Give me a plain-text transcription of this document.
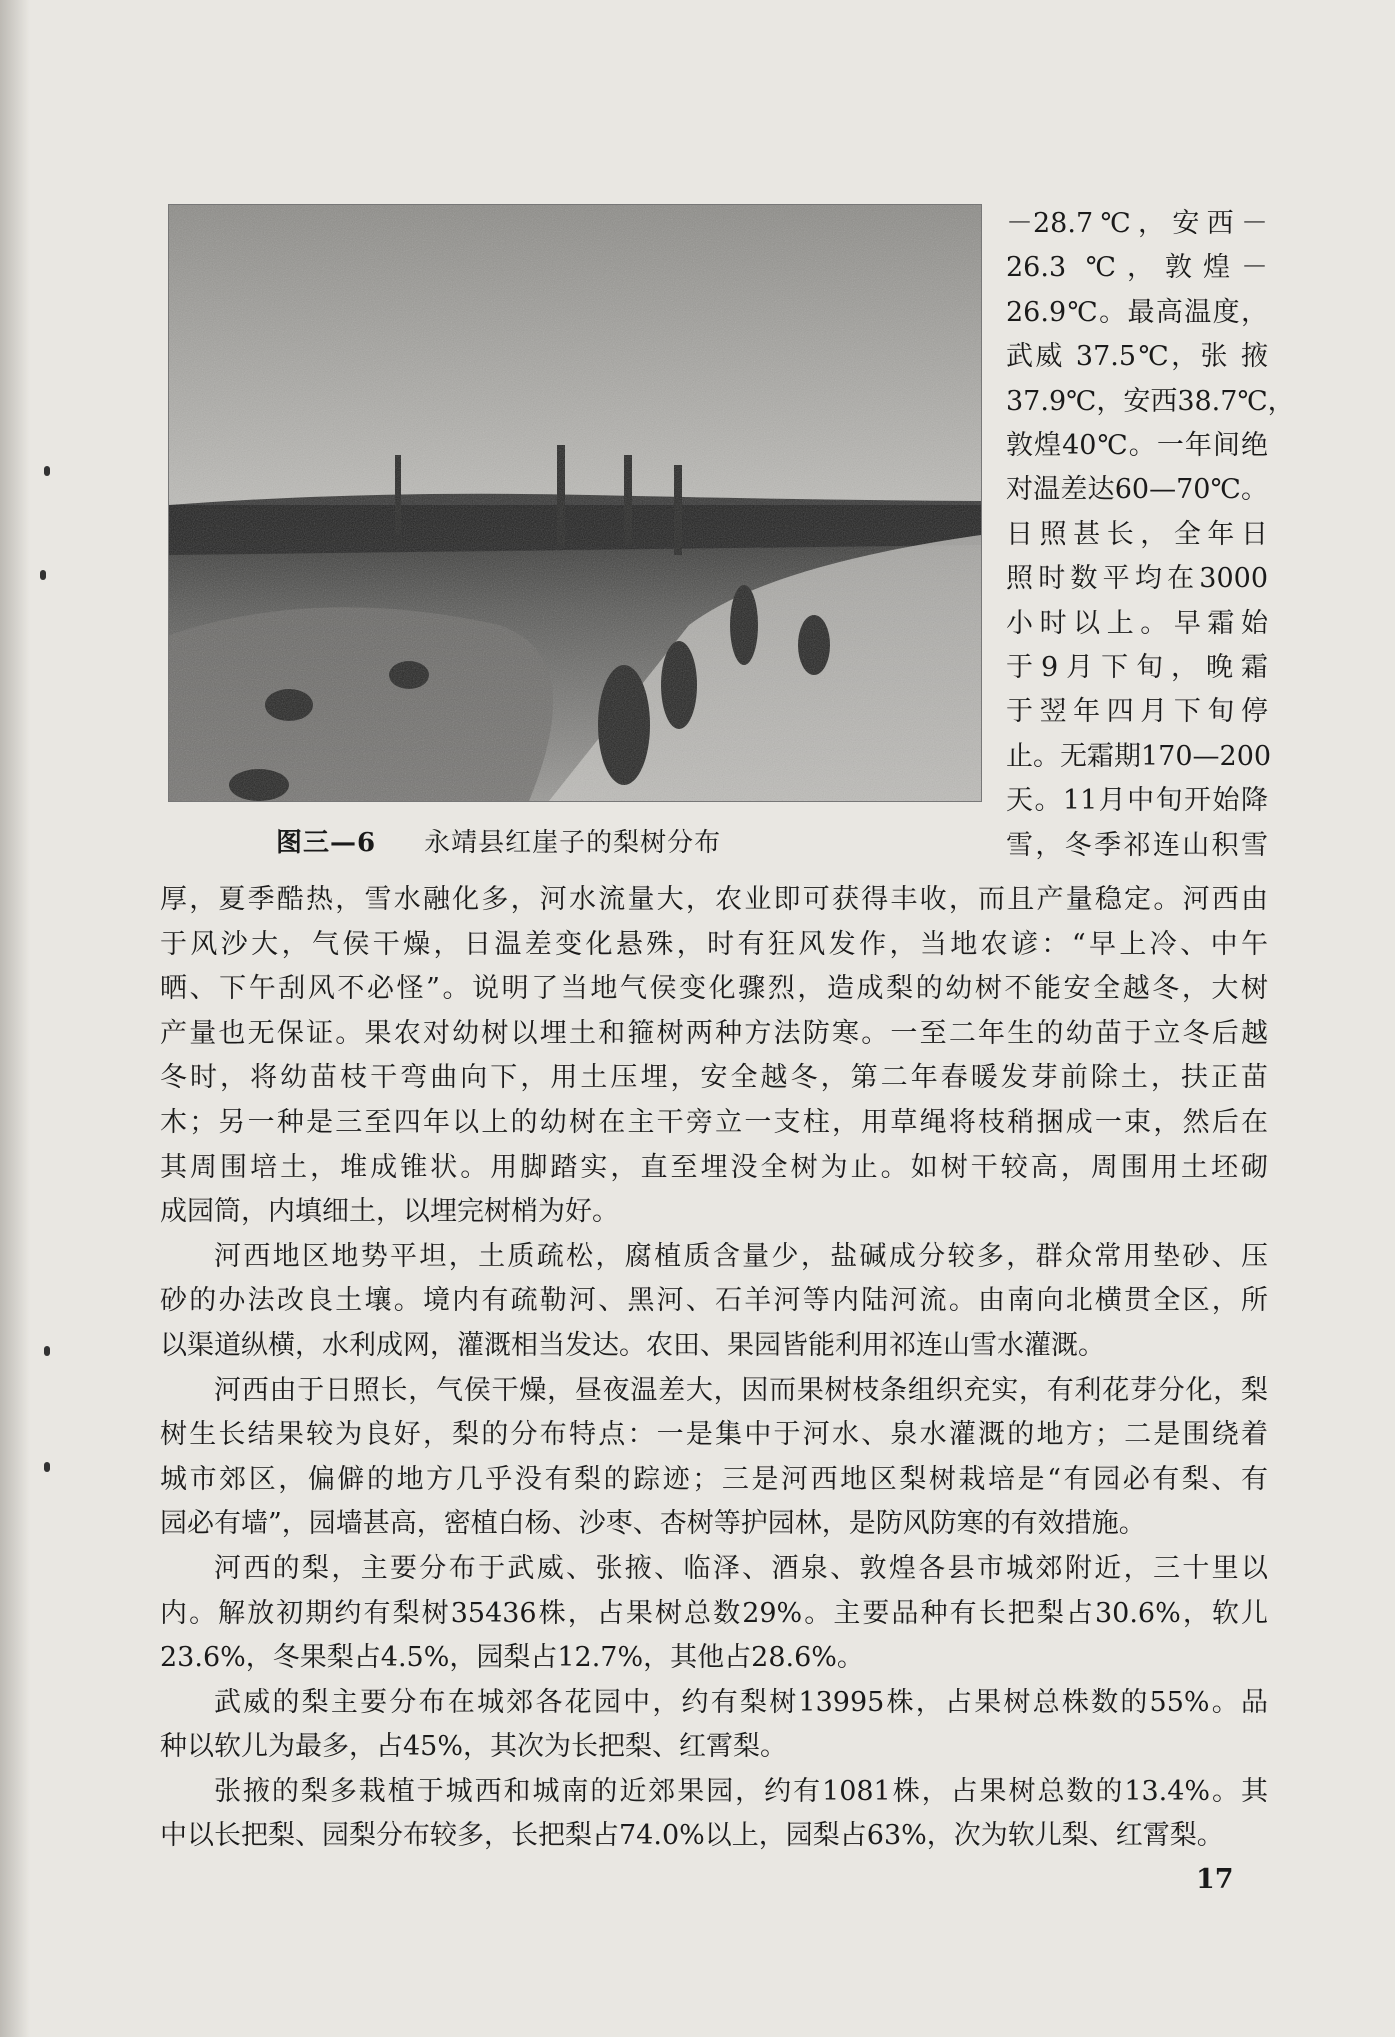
图三—6 永靖县红崖子的梨树分布
－28.7℃，安西－
26.3 ℃，敦煌－
26.9℃。最高温度，
武威 37.5℃，张 掖
37.9℃，安西38.7℃，
敦煌40℃。一年间绝
对温差达60—70℃。
日照甚长，全年日
照时数平均在3000
小时以上。早霜始
于9月下旬，晚霜
于翌年四月下旬停
止。无霜期170—200
天。11月中旬开始降
雪，冬季祁连山积雪
厚，夏季酷热，雪水融化多，河水流量大，农业即可获得丰收，而且产量稳定。河西由
于风沙大，气侯干燥，日温差变化悬殊，时有狂风发作，当地农谚：“早上冷、中午
晒、下午刮风不必怪”。说明了当地气侯变化骤烈，造成梨的幼树不能安全越冬，大树
产量也无保证。果农对幼树以埋土和箍树两种方法防寒。一至二年生的幼苗于立冬后越
冬时，将幼苗枝干弯曲向下，用土压埋，安全越冬，第二年春暖发芽前除土，扶正苗
木；另一种是三至四年以上的幼树在主干旁立一支柱，用草绳将枝稍捆成一束，然后在
其周围培土，堆成锥状。用脚踏实，直至埋没全树为止。如树干较高，周围用土坯砌
成园筒，内填细土，以埋完树梢为好。
河西地区地势平坦，土质疏松，腐植质含量少，盐碱成分较多，群众常用垫砂、压
砂的办法改良土壤。境内有疏勒河、黑河、石羊河等内陆河流。由南向北横贯全区，所
以渠道纵横，水利成网，灌溉相当发达。农田、果园皆能利用祁连山雪水灌溉。
河西由于日照长，气侯干燥，昼夜温差大，因而果树枝条组织充实，有利花芽分化，梨
树生长结果较为良好，梨的分布特点：一是集中于河水、泉水灌溉的地方；二是围绕着
城市郊区，偏僻的地方几乎没有梨的踪迹；三是河西地区梨树栽培是“有园必有梨、有
园必有墙”，园墙甚高，密植白杨、沙枣、杏树等护园林，是防风防寒的有效措施。
河西的梨，主要分布于武威、张掖、临泽、酒泉、敦煌各县市城郊附近，三十里以
内。解放初期约有梨树35436株，占果树总数29%。主要品种有长把梨占30.6%，软儿
23.6%，冬果梨占4.5%，园梨占12.7%，其他占28.6%。
武威的梨主要分布在城郊各花园中，约有梨树13995株，占果树总株数的55%。品
种以软儿为最多，占45%，其次为长把梨、红霄梨。
张掖的梨多栽植于城西和城南的近郊果园，约有1081株，占果树总数的13.4%。其
中以长把梨、园梨分布较多，长把梨占74.0%以上，园梨占63%，次为软儿梨、红霄梨。
17
